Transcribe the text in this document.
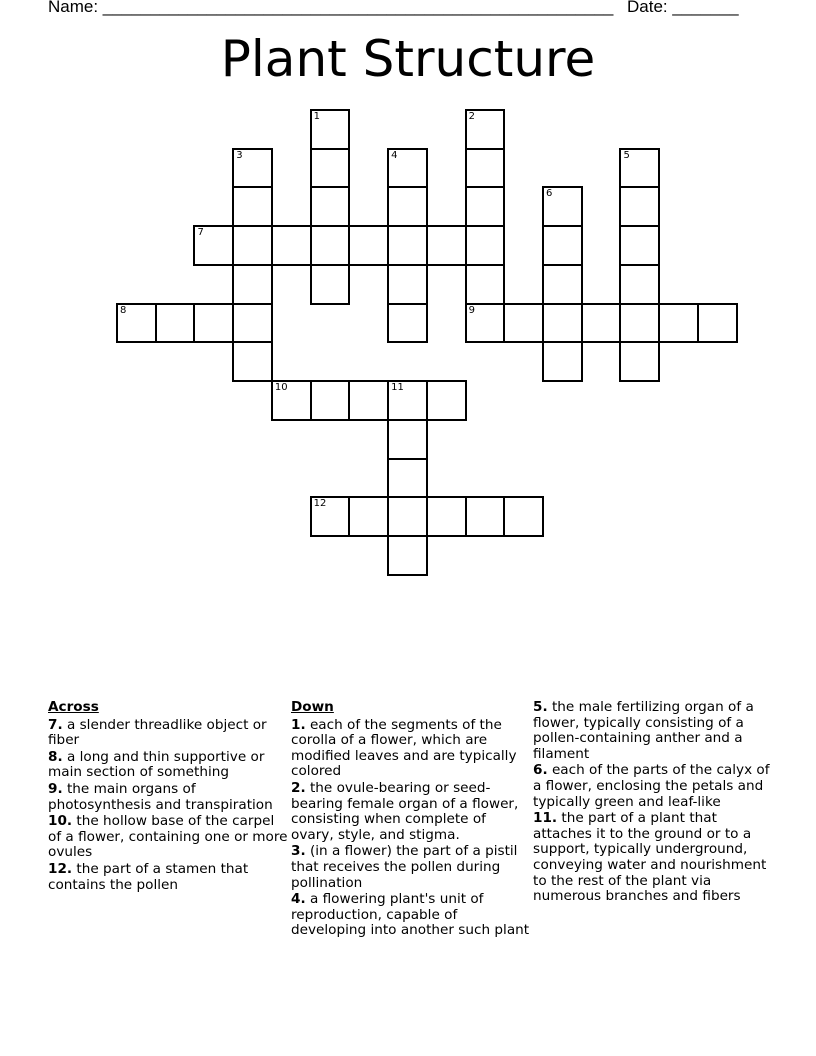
Name: ______________________________________________________ Date: _______
Plant Structure
1	2
9
3	4	5
6
7
8
10	11
12
Across
7. a slender threadlike object or fiber
8. a long and thin supportive or main section of something
9. the main organs of photosynthesis and transpiration
10. the hollow base of the carpel of a flower, containing one or more ovules
12. the part of a stamen that contains the pollen
Down
1. each of the segments of the corolla of a flower, which are modified leaves and are typically colored
2. the ovule-bearing or seed-bearing female organ of a flower, consisting when complete of ovary, style, and stigma.
3. (in a flower) the part of a pistil that receives the pollen during pollination
4. a flowering plant's unit of reproduction, capable of developing into another such plant
5. the male fertilizing organ of a flower, typically consisting of a pollen-containing anther and a filament
6. each of the parts of the calyx of a flower, enclosing the petals and typically green and leaf-like
11. the part of a plant that attaches it to the ground or to a support, typically underground, conveying water and nourishment to the rest of the plant via numerous branches and fibers
